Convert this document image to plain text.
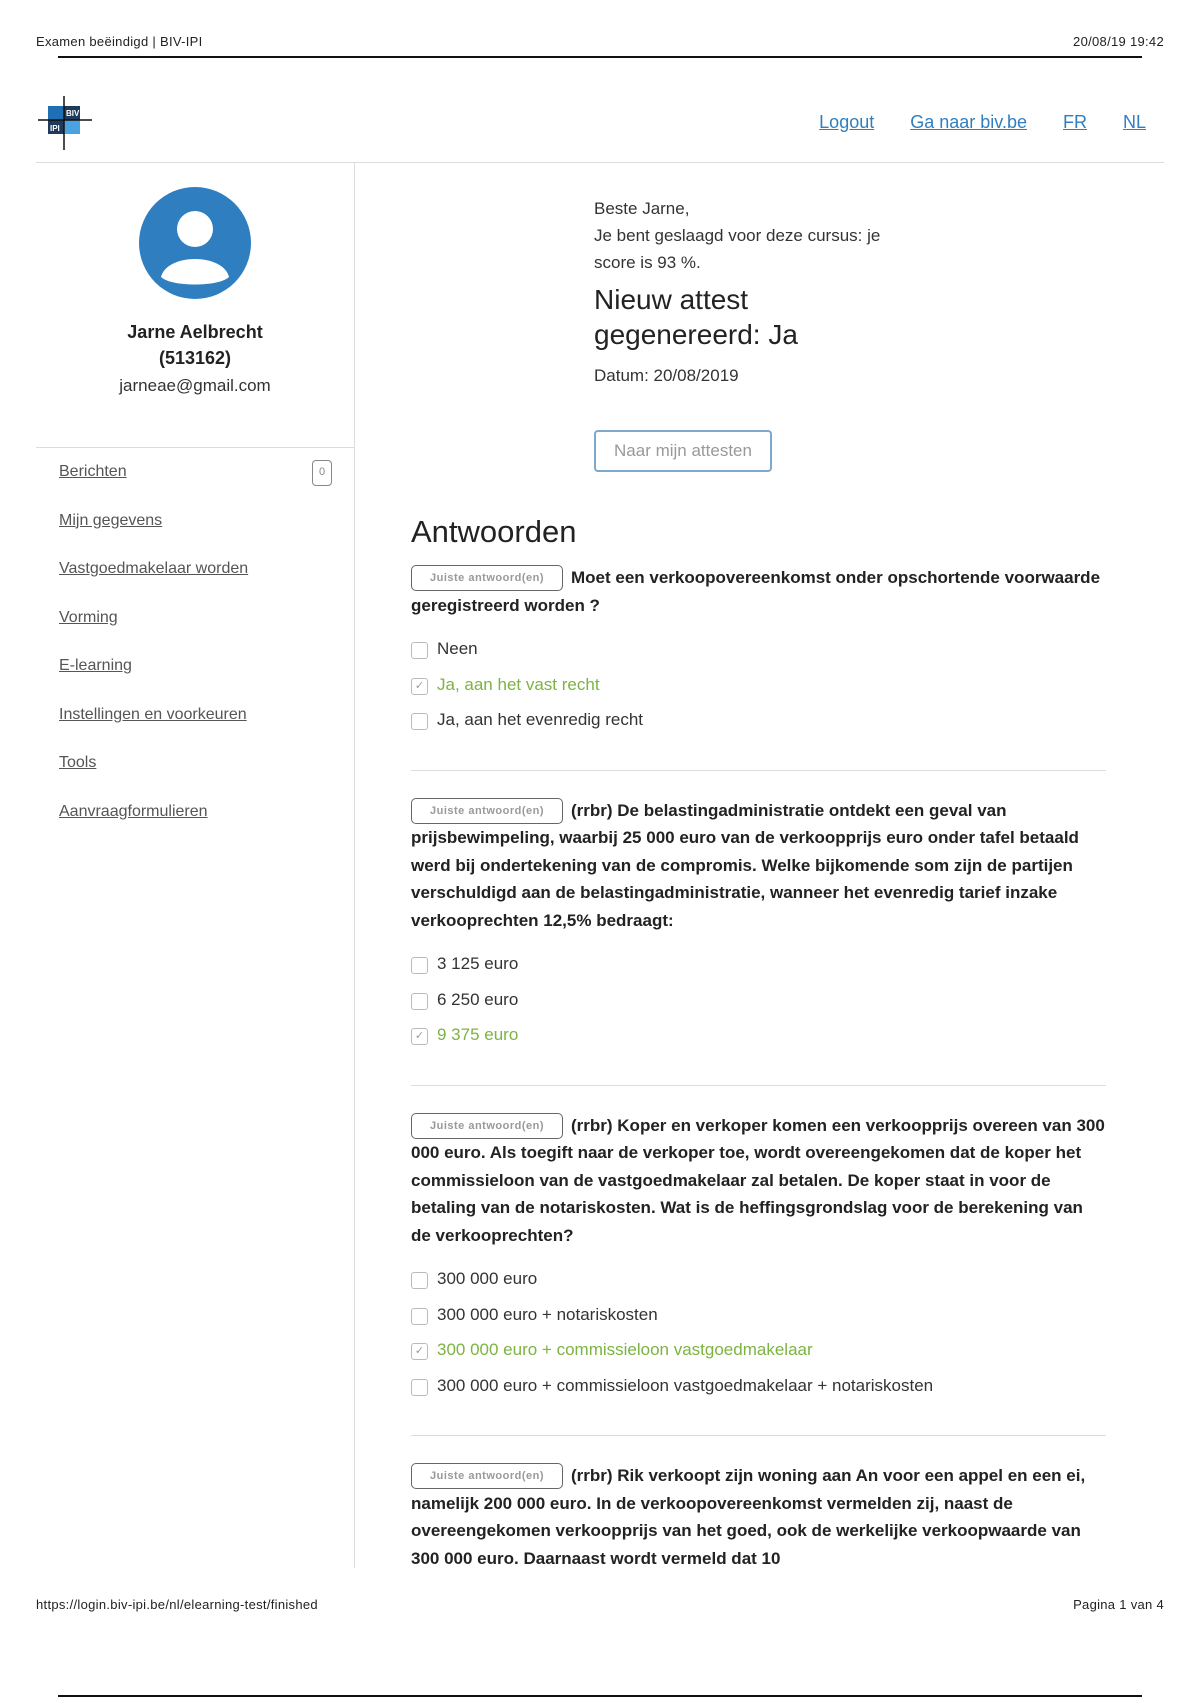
Examen beëindigd | BIV-IPI	20/08/19 19:42
BIV
IPI	Logout Ga naar biv.be FR NL
Jarne Aelbrecht
(513162)
jarneae@gmail.com
Berichten	0
Mijn gegevens
Vastgoedmakelaar worden
Vorming
E-learning
Instellingen en voorkeuren
Tools
Aanvraagformulieren
Beste Jarne,
Je bent geslaagd voor deze cursus: je score is 93 %.
Nieuw attest gegenereerd: Ja
Datum: 20/08/2019
Naar mijn attesten
Antwoorden
Juiste antwoord(en)	Moet een verkoopovereenkomst onder opschortende voorwaarde geregistreerd worden ?
Neen
✓ Ja, aan het vast recht
Ja, aan het evenredig recht
Juiste antwoord(en)	(rrbr) De belastingadministratie ontdekt een geval van prijsbewimpeling, waarbij 25 000 euro van de verkoopprijs euro onder tafel betaald werd bij ondertekening van de compromis. Welke bijkomende som zijn de partijen verschuldigd aan de belastingadministratie, wanneer het evenredig tarief inzake verkooprechten 12,5% bedraagt:
3 125 euro
6 250 euro
✓ 9 375 euro
Juiste antwoord(en)	(rrbr) Koper en verkoper komen een verkoopprijs overeen van 300 000 euro. Als toegift naar de verkoper toe, wordt overeengekomen dat de koper het commissieloon van de vastgoedmakelaar zal betalen. De koper staat in voor de betaling van de notariskosten. Wat is de heffingsgrondslag voor de berekening van de verkooprechten?
300 000 euro
300 000 euro + notariskosten
✓ 300 000 euro + commissieloon vastgoedmakelaar
300 000 euro + commissieloon vastgoedmakelaar + notariskosten
Juiste antwoord(en)	(rrbr) Rik verkoopt zijn woning aan An voor een appel en een ei, namelijk 200 000 euro. In de verkoopovereenkomst vermelden zij, naast de overeengekomen verkoopprijs van het goed, ook de werkelijke verkoopwaarde van 300 000 euro. Daarnaast wordt vermeld dat 10
https://login.biv-ipi.be/nl/elearning-test/finished	Pagina 1 van 4
